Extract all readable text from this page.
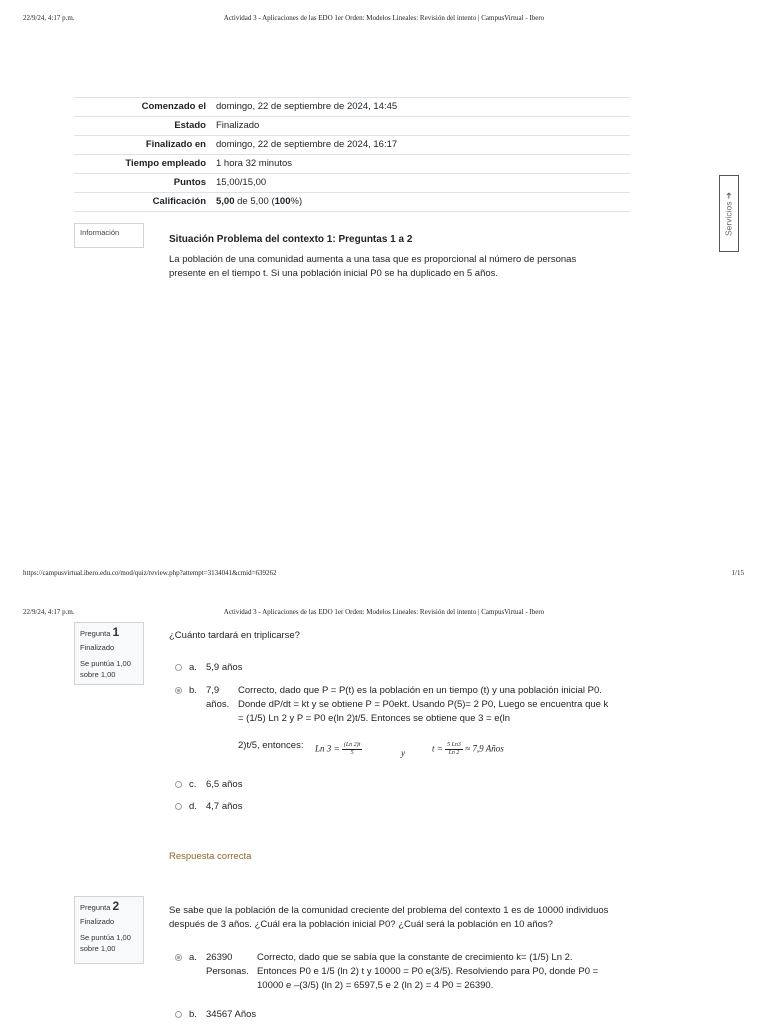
22/9/24, 4:17 p.m.	Actividad 3 - Aplicaciones de las EDO 1er Orden: Modelos Lineales: Revisión del intento | CampusVirtual - Ibero
Comenzado el	domingo, 22 de septiembre de 2024, 14:45
Estado	Finalizado
Finalizado en	domingo, 22 de septiembre de 2024, 16:17
Tiempo empleado	1 hora 32 minutos
Puntos	15,00/15,00
Calificación	5,00 de 5,00 (100%)	Servicios ➜
Información
Situación Problema del contexto 1: Preguntas 1 a 2
La población de una comunidad aumenta a una tasa que es proporcional al número de personas presente en el tiempo t. Si una población inicial P0 se ha duplicado en 5 años.
https://campusvirtual.ibero.edu.co/mod/quiz/review.php?attempt=3134041&cmid=639262	1/15
22/9/24, 4:17 p.m.	Actividad 3 - Aplicaciones de las EDO 1er Orden: Modelos Lineales: Revisión del intento | CampusVirtual - Ibero
Pregunta 1
Finalizado
Se puntúa 1,00 sobre 1,00
¿Cuánto tardará en triplicarse?
a. 5,9 años
b. 7,9
años.
Correcto, dado que P = P(t) es la población en un tiempo (t) y una población inicial P0. Donde dP/dt = kt y se obtiene P = P0ekt. Usando P(5)= 2 P0, Luego se encuentra que k = (1/5) Ln 2 y P = P0 e(ln 2)t/5. Entonces se obtiene que 3 = e(ln
2)t/5, entonces: Ln $3 = \frac{(Ln 2)t}{5}$	y	$t = \frac{5 Ln3}{Ln 2} \approx 7,9$ Años
c.	6,5 años
d. 4,7 años
Respuesta correcta
Pregunta 2
Finalizado
Se puntúa 1,00 sobre 1,00
Se sabe que la población de la comunidad creciente del problema del contexto 1 es de 10000 individuos después de 3 años. ¿Cuál era la población inicial P0? ¿Cuál será la población en 10 años?
a. 26390
Personas.
Correcto, dado que se sabía que la constante de crecimiento k= (1/5) Ln 2. Entonces P0 e 1/5 (ln 2) t y 10000 = P0 e(3/5). Resolviendo para P0, donde P0 = 10000 e –(3/5) (ln 2) = 6597,5 e 2 (ln 2) = 4 P0 = 26390.
b. 34567 Años
